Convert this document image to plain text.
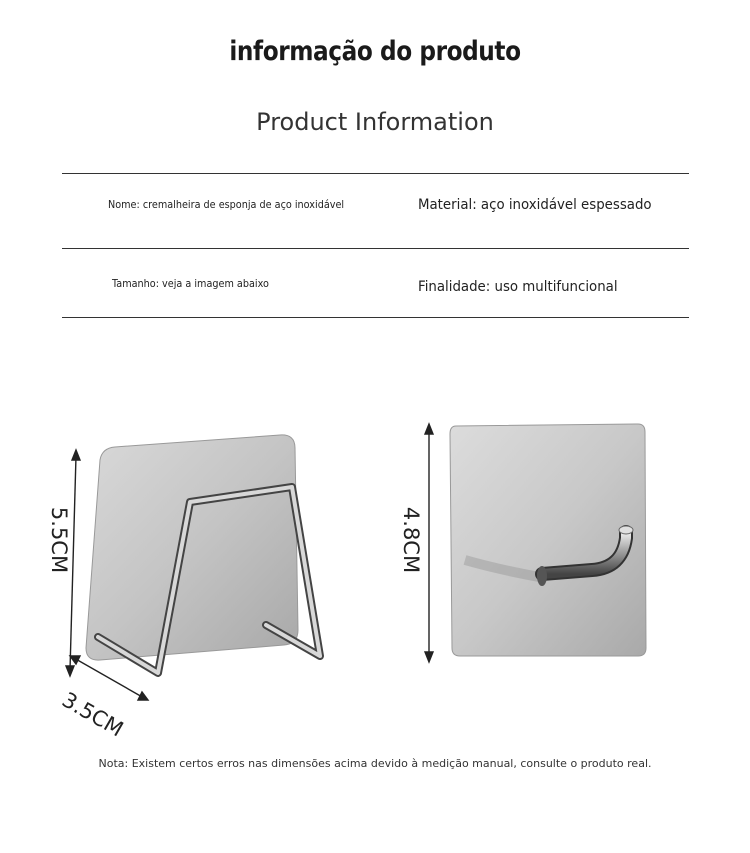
informação do produto
Product Information
Nome: cremalheira de esponja de aço inoxidável	Material: aço inoxidável espessado
Tamanho: veja a imagem abaixo	Finalidade: uso multifuncional
5.5CM
3.5CM
4.8CM
Nota: Existem certos erros nas dimensões acima devido à medição manual, consulte o produto real.
